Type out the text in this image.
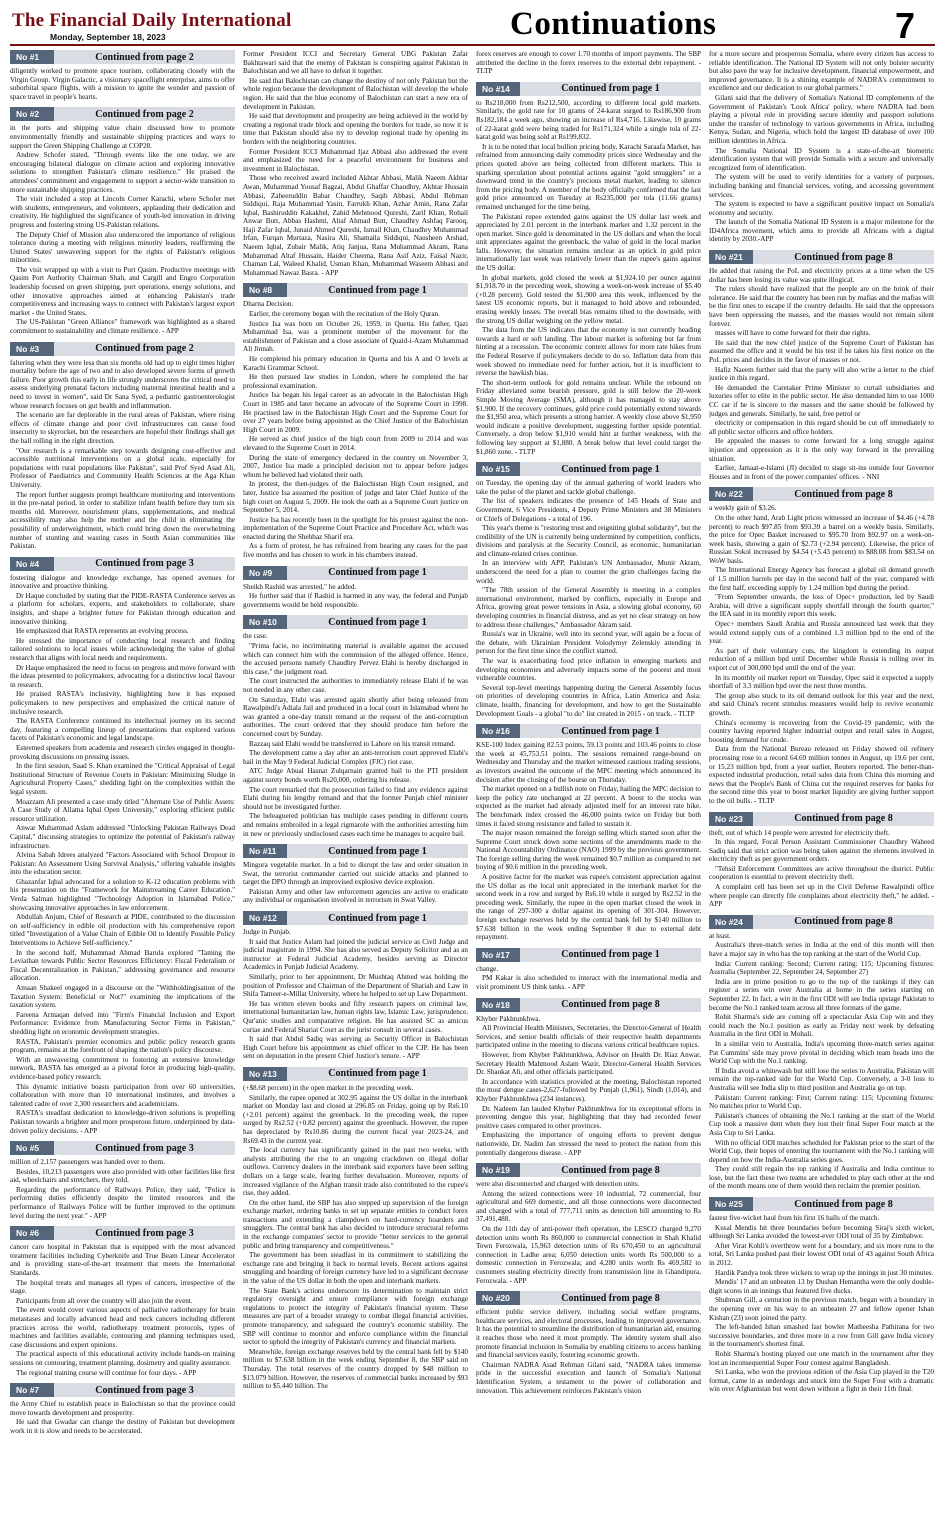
The Financial Daily International
Monday, September 18, 2023	Continuations	7
No #1	Continued from page 2

diligently worked to promote space tourism, collaborating closely with the Virgin Group. Virgin Galactic, a visionary spaceflight enterprise, aims to offer suborbital space flights, with a mission to ignite the wonder and passion of space travel in people's hearts.

No #2	Continued from page 2

in the ports and shipping value chain discussed how to promote environmentally friendly and sustainable shipping practices and ways to support the Green Shipping Challenge at COP28.

Andrew Schofer stated, "Through events like the one today, we are encouraging bilateral dialogue on climate action and exploring innovative solutions to strengthen Pakistan's climate resilience." He praised the attendees' commitment and engagement to support a sector-wide transition to more sustainable shipping practices.

The visit included a stop at Lincoln Corner Karachi, where Schofer met with students, entrepreneurs, and volunteers, applauding their dedication and creativity. He highlighted the significance of youth-led innovation in driving progress and fostering strong US-Pakistan relations.

The Deputy Chief of Mission also underscored the importance of religious tolerance during a meeting with religious minority leaders, reaffirming the United States' unwavering support for the rights of Pakistan's religious minorities.

The visit wrapped up with a visit to Port Qasim. Productive meetings with Qasim Port Authority Chairman Shah, and Cargill and Engro Corporation leadership focused on green shipping, port operations, energy solutions, and other innovative approaches aimed at enhancing Pakistan's trade competitiveness and increasing ways to connect with Pakistan's largest export market - the United States.

The US-Pakistan "Green Alliance" framework was highlighted as a shared commitment to sustainability and climate resilience. - APP

No #3	Continued from page 2

faltering when they were less than six months old had up to eight times higher mortality before the age of two and to also developed severe forms of growth failure. Poor growth this early in life strongly underscores the critical need to assess underlying prenatal factors including maternal intestinal health and a need to invest in women", said Dr Sana Syed, a pediatric gastroenterologist whose research focuses on gut health and inflammation.

The scenario are far deplorable in the rural areas of Pakistan, where rising effects of climate change and poor civil infrastructures can cause food insecurity to skyrocket, but the researchers are hopeful their findings shall get the ball rolling in the right direction.

"Our research is a remarkable step towards designing cost-effective and accessible nutritional interventions on a global scale, especially for populations with rural populations like Pakistan", said Prof Syed Asad Ali, Professor of Paediatrics and Community Health Sciences at the Aga Khan University.

The report further suggests prompt healthcare monitoring and interventions in the pre-natal period, in order to stabilize infant health before they turn six months old. Moreover, nourishment plans, supplementations, and medical accessibility may also help the mother and the child in eliminating the possibility of underweightment, which could bring down the overwhelming number of stunting and wasting cases in South Asian communities like Pakistan.

No #4	Continued from page 3

fostering dialogue and knowledge exchange, has opened avenues for innovative and proactive thinking.

Dr Haque concluded by stating that the PIDE-RASTA Conference serves as a platform for scholars, experts, and stakeholders to collaborate, share insights, and shape a brighter future for Pakistan through education and innovative thinking.

He emphasized that RASTA represents an evolving process.

He stressed the importance of conducting local research and finding tailored solutions to local issues while acknowledging the value of global research that aligns with local needs and requirements.

Dr Haque emphasized the need to focus on progress and move forward with the ideas presented to policymakers, advocating for a distinctive local flavour in research.

He praised RASTA's inclusivity, highlighting how it has exposed policymakers to new perspectives and emphasized the critical nature of inclusive research.

The RASTA Conference continued its intellectual journey on its second day, featuring a compelling lineup of presentations that explored various facets of Pakistan's economic and legal landscape.

Esteemed speakers from academia and research circles engaged in thought-provoking discussions on pressing issues.

In the first session, Saad S. Khan examined the "Critical Appraisal of Legal Institutional Structure of Revenue Courts in Pakistan: Minimizing Sludge in Agricultural Property Cases," shedding light on the complexities within the legal system.

Moazzam Ali presented a case study titled "Alternate Use of Public Assets: A Case Study of Allama Iqbal Open University," exploring efficient public resource utilization.

Anwar Muhammad Aslam addressed "Unlocking Pakistan Railways Dead Capital," discussing strategies to optimize the potential of Pakistan's railway infrastructure.

Alvina Sabah Idrees analyzed "Factors Associated with School Dropout in Pakistan: An Assessment Using Survival Analysis," offering valuable insights into the education sector.

Ghazanfar Iqbal advocated for a solution to K-12 education problems with his presentation on the "Framework for Mainstreaming Career Education." Verda Salman highlighted "Technology Adoption in Islamabad Police," showcasing innovative approaches in law enforcement.

Abdullah Anjum, Chief of Research at PIDE, contributed to the discussion on self-sufficiency in edible oil production with his comprehensive report titled "Investigation of a Value Chain of Edible Oil to Identify Possible Policy Interventions to Achieve Self-sufficiency."

In the second half, Muhammad Ahmad Barula explored "Taming the Leviathan towards Public Sector Resources Efficiency: Fiscal Federalism or Fiscal Decentralization in Pakistan," addressing governance and resource allocation.

Amaan Shakeel engaged in a discourse on the "Withholdingisation of the Taxation System: Beneficial or Not?" examining the implications of the taxation system.

Fareena Armaqan delved into "Firm's Financial Inclusion and Export Performance: Evidence from Manufacturing Sector Firms in Pakistan," shedding light on economic development strategies.

RASTA, Pakistan's premier economics and public policy research grants program, remains at the forefront of shaping the nation's policy discourse.

With an unwavering commitment to fostering an extensive knowledge network, RASTA has emerged as a pivotal force in producing high-quality, evidence-based policy research.

This dynamic initiative boasts participation from over 60 universities, collaboration with more than 10 international institutes, and involves a talented cadre of over 2,300 researchers and academicians.

RASTA's steadfast dedication to knowledge-driven solutions is propelling Pakistan towards a brighter and more prosperous future, underpinned by data-driven policy decisions. - APP

No #5	Continued from page 3

million of 2,157 passengers was handed over to them.

Besides, 10,213 passengers were also provided with other facilities like first aid, wheelchairs and stretchers, they told.

Regarding the performance of Railways Police, they said, "Police is performing duties efficiently despite the limited resources and the performance of Railways Police will be further improved to the optimum level during the next year." - APP

No #6	Continued from page 3

cancer care hospital in Pakistan that is equipped with the most advanced treatment facilities including Cyberknife and True Beam Linear Accelerator and is providing state-of-the-art treatment that meets the International Standards.

The hospital treats and manages all types of cancers, irrespective of the stage.

Participants from all over the country will also join the event.

The event would cover various aspects of palliative radiotherapy for brain metastases and locally advanced head and neck cancers including different practices across the world, radiotherapy treatment protocols, types of machines and facilities available, contouring and planning techniques used, case discussions and expert opinions.

The practical aspects of this educational activity include hands-on training sessions on contouring, treatment planning, dosimetry and quality assurance.

The regional training course will continue for four days. - APP

No #7	Continued from page 3

the Army Chief to establish peace in Balochistan so that the province could move towards development and prosperity.

He said that Gwadar can change the destiny of Pakistan but development work in it is slow and needs to be accelerated.

Former President ICCI and Secretary General UBG Pakistan Zafar Bakhtawari said that the enemy of Pakistan is conspiring against Pakistan in Balochistan and we all have to defeat it together.

He said that Balochistan can change the destiny of not only Pakistan but the whole region because the development of Balochistan will develop the whole region. He said that the blue economy of Balochistan can start a new era of development in Pakistan.

He said that development and prosperity are being achieved in the world by creating a regional trade block and opening the borders for trade, so now it is time that Pakistan should also try to develop regional trade by opening its borders with the neighboring countries.

Former President ICCI Muhammad Ijaz Abbasi also addressed the event and emphasized the need for a peaceful environment for business and investment in Balochistan.

Those who received award included Akhtar Abbasi, Malik Naeem Akhtar Awan, Muhammad Yousaf Bagzai, Abdul Ghaffar Chaudhry, Akhtar Hussain Abbasi, Zaheeruddin Babar Chaudhry, Saqib Abbasi, Abdul Rehman Siddiqui, Raja Muhammad Yasin, Farrukh Khan, Azhar Amin, Rana Zafar Iqbal, Bashiruddin Kakakhel, Zahid Mehmood Qureshi, Zarif Khan, Rohail Anwar Butt, Abbas Hashmi, Altaf Ahmad Butt, Chaudhry Ashfaq Farooq, Haji Zafar Iqbal, Junaid Ahmed Qureshi, Ismail Khan, Chaudhry Muhammad Irfan, Furqan Murtaza, Nasira Ali, Shamaila Siddiqui, Nausheen Arshad, Naeem Iqbal, Zubair Malik, Atiq Janjua, Rana Muhammad Akram, Rana Muhammad Altaf Hussain, Haider Cheema, Rana Asif Aziz, Faisal Nazir, Chaman Lal, Waleed Khalid, Usman Khan, Muhammad Waseem Abbasi and Muhammad Nawaz Basra. - APP

No #8	Continued from page 1

Dharna Decision.

Earlier, the ceremony began with the recitation of the Holy Quran.

Justice Isa was born on October 26, 1959, in Quetta. His father, Qazi Muhammad Isa, was a prominent member of the movement for the establishment of Pakistan and a close associate of Quaid-i-Azam Muhammad Ali Jinnah.

He completed his primary education in Quetta and his A and O levels at Karachi Grammar School.

He then pursued law studies in London, where he completed the bar professional examination.

Justice Isa began his legal career as an advocate in the Balochistan High Court in 1985 and later became an advocate of the Supreme Court in 1998. He practised law in the Balochistan High Court and the Supreme Court for over 27 years before being appointed as the Chief Justice of the Balochistan High Court in 2009.

He served as chief justice of the high court from 2009 to 2014 and was elevated to the Supreme Court in 2014.

During the state of emergency declared in the country on November 3, 2007, Justice Isa made a principled decision not to appear before judges whom he believed had violated their oath.

In protest, the then-judges of the Balochistan High Court resigned, and later, Justice Isa assumed the position of judge and later Chief Justice of the high court on August 5, 2009. He took the oath as a Supreme Court justice on September 5, 2014.

Justice Isa has recently been in the spotlight for his protest against the non-implementation of the Supreme Court Practice and Procedure Act, which was enacted during the Shehbaz Sharif era.

As a form of protest, he has refrained from hearing any cases for the past five months and has chosen to work in his chambers instead.

No #9	Continued from page 1

Sheikh Rashid was arrested," he added.

He further said that if Rashid is harmed in any way, the federal and Punjab governments would be held responsible.

No #10	Continued from page 1

the case.

"Prima facie, no incriminating material is available against the accused which can connect him with the commission of the alleged offence. Hence, the accused persons namely Chaudhry Pervez Elahi is hereby discharged in this case," the judgment read.

The court instructed the authorities to immediately release Elahi if he was not needed in any other case.

On Saturday, Elahi was arrested again shortly after being released from Rawalpindi's Adiala Jail and produced in a local court in Islamabad where he was granted a one-day transit remand at the request of the anti-corruption authorities. The court ordered that they should produce him before the concerned court by Sunday.

Razzaq said Elahi would be transferred to Lahore on his transit remand.

The development came a day after an anti-terrorism court approved Elahi's bail in the May 9 Federal Judicial Complex (FJC) riot case.

ATC Judge Abual Hasnat Zulqarnain granted bail to the PTI president against surety bonds worth Rs20,000, ordering his release.

The court remarked that the prosecution failed to find any evidence against Elahi during his lengthy remand and that the former Punjab chief minister should not be investigated further.

The beleaguered politician has multiple cases pending in different courts and remains embroiled in a legal rigmarole with the authorities arresting him in new or previously undisclosed cases each time he manages to acquire bail.

No #11	Continued from page 1

Mingora vegetable market. In a bid to disrupt the law and order situation in Swat, the terrorist commander carried out suicide attacks and planned to target the DPO through an improvised explosive device explosion.

Pakistan Army and other law enforcement agencies are active to eradicate any individual or organisation involved in terrorism in Swat Valley.

No #12	Continued from page 1

Judge in Punjab.

It said that Justice Aslam had joined the judicial service as Civil Judge and judicial magistrate in 1994. She has also served as Deputy Solicitor and as an instructor at Federal Judicial Academy, besides serving as Director Academics in Punjab Judicial Academy.

Similarly, prior to her appointment, Dr Mushtaq Ahmed was holding the position of Professor and Chairman of the Department of Shariah and Law in Shifa Tameer-e-Millat University, where he helped to set up Law Department.

He has written eleven books and fifty research papers on criminal law, international humanitarian law, human rights law, Islamic Law, jurisprudence, Qur'anic studies and comparative religion. He has assisted SC as amicus curiae and Federal Shariat Court as the jurist consult in several cases.

It said that Abdul Sadiq was serving as Security Officer in Balochistan High Court before his appointment as chief officer to the CJP. He has been sent on deputation in the present Chief Justice's tenure. - APP

No #13	Continued from page 1

(+$8.68 percent) in the open market in the preceding week.

Similarly, the rupee opened at 302.95 against the US dollar in the interbank market on Monday last and closed at 296.85 on Friday, going up by Rs6.10 (+2.01 percent) against the greenback. In the preceding week, the rupee surged by Rs2.52 (+0.82 percent) against the greenback. However, the rupee has depreciated by Rs10.86 during the current fiscal year 2023-24, and Rs69.43 in the current year.

The local currency has significantly gained in the past two weeks, with analysts attributing the rise to an ongoing crackdown on illegal dollar outflows. Currency dealers in the interbank said exporters have been selling dollars on a large scale, fearing further devaluation. Moreover, reports of increased vigilance of the Afghan transit trade also contributed to the rupee's rise, they added.

On the other hand, the SBP has also stepped up supervision of the foreign exchange market, ordering banks to set up separate entities to conduct forex transactions and extending a clampdown on hard-currency hoarders and smugglers. The central bank has also decided to introduce structural reforms in the exchange companies' sector to provide "better services to the general public and bring transparency and competitiveness."

The government has been steadfast in its commitment to stabilizing the exchange rate and bringing it back to normal levels. Recent actions against smuggling and hoarding of foreign currency have led to a significant decrease in the value of the US dollar in both the open and interbank markets.

The State Bank's actions underscore its determination to maintain strict regulatory oversight and ensure compliance with foreign exchange regulations to protect the integrity of Pakistan's financial system. These measures are part of a broader strategy to combat illegal financial activities, promote transparency, and safeguard the country's economic stability. The SBP will continue to monitor and enforce compliance within the financial sector to uphold the integrity of Pakistan's currency and financial markets.

Meanwhile, foreign exchange reserves held by the central bank fell by $140 million to $7.638 billion in the week ending September 8, the SBP said on Thursday. The total reserves of the country dropped by $48 million to $13.079 billion. However, the reserves of commercial banks increased by $93 million to $5.440 billion. The

forex reserves are enough to cover 1.70 months of import payments. The SBP attributed the decline in the forex reserves to the external debt repayment. - TLTP

No #14	Continued from page 1

to Rs218,000 from Rs212,500, according to different local gold markets. Similarly, the gold rate for 10 grams of 24-karat surged to Rs186,900 from Rs182,184 a week ago, showing an increase of Rs4,716. Likewise, 10 grams of 22-karat gold were being traded for Rs171,324 while a single tola of 22-karat gold was being sold at Rs199,832.

It is to be noted that local bullion pricing body, Karachi Saraafa Market, has refrained from announcing daily commodity prices since Wednesday and the prices quoted above are being collected from different markets. This is sparking speculation about potential actions against "gold smugglers" or a downward trend in the country's precious metal market, leading to silence from the pricing body. A member of the body officially confirmed that the last gold price announced on Tuesday at Rs235,000 per tola (11.66 grams) remained unchanged for the time being.

The Pakistani rupee extended gains against the US dollar last week and appreciated by 2.01 percent in the interbank market and 1.32 percent in the open market. Since gold is denominated in the US dollars and when the local unit appreciates against the greenback, the value of gold in the local market falls. However, the situation remains unclear as an uptick in gold price internationally last week was relatively lower than the rupee's gains against the US dollar.

In global markets, gold closed the week at $1,924.10 per ounce against $1,918.70 in the preceding week, showing a week-on-week increase of $5.40 (+0.28 percent). Gold tested the $1,900 area this week, influenced by the latest US economic reports, but it managed to hold above and rebounded, erasing weekly losses. The overall bias remains tilted to the downside, with the strong US dollar weighing on the yellow metal.

The data from the US indicates that the economy is not currently heading towards a hard or soft landing. The labour market is softening but far from hinting at a recession. The economic context allows for more rate hikes from the Federal Reserve if policymakers decide to do so. Inflation data from this week showed no immediate need for further action, but it is insufficient to reverse the hawkish bias.

The short-term outlook for gold remains unclear. While the rebound on Friday alleviated some bearish pressure, gold is still below the 20-week Simple Moving Average (SMA), although it has managed to stay above $1,900. If the recovery continues, gold price could potentially extend towards the $1,950 area, which presents a strong barrier. A weekly close above $1,950 would indicate a positive development, suggesting further upside potential. Conversely, a drop below $1,910 would hint at further weakness, with the following key support at $1,880. A break below that level could target the $1,860 zone. - TLTP

No #15	Continued from page 1

on Tuesday, the opening day of the annual gathering of world leaders who take the pulse of the planet and tackle global challenge.

The list of speakers indicates the presence of 145 Heads of State and Government, 6 Vice Presidents, 4 Deputy Prime Ministers and 38 Ministers or Chiefs of Delegations - a total of 196.

This year's theme is "restoring trust and reigniting global solidarity", but the credibility of the UN is currently being undermined by competition, conflicts, divisions and paralysis at the Security Council, as economic, humanitarian and climate-related crises continue.

In an interview with APP, Pakistan's UN Ambassador, Munir Akram, underscored the need for a plan to counter the grim challenges facing the world.

"The 78th session of the General Assembly is meeting in a complex international environment, marked by conflicts, especially in Europe and Africa, growing great power tensions in Asia, a slowing global economy, 60 developing countries in financial distress, and as yet no clear strategy on how to address these challenges," Ambassador Akram said.

Russia's war in Ukraine, well into its second year, will again be a focus of the debate, with Ukrainian President Volodymyr Zelenskiy attending in person for the first time since the conflict started.

The war is exacerbating food price inflation in emerging markets and developing economies and adversely impacts some of the poorest and most vulnerable countries.

Several top-level meetings happening during the General Assembly focus on priorities of developing countries in Africa, Latin America and Asia: climate, health, financing for development, and how to get the Sustainable Development Goals - a global "to do" list created in 2015 - on track. - TLTP

No #16	Continued from page 1

KSE-100 Index gaining 82.53 points, 59.13 points and 103.46 points to close the week at 45,753.51 points. The sessions remained range-bound on Wednesday and Thursday and the market witnessed cautious trading sessions, as investors awaited the outcome of the MPC meeting which announced its decision after the closing of the bourse on Thursday.

The market opened on a bullish note on Friday, hailing the MPC decision to keep the policy rate unchanged at 22 percent. A boost to the stocks was expected as the market had already adjusted itself for an interest rate hike. The benchmark index crossed the 46,000 points twice on Friday but both times it faced strong resistance and failed to sustain it.

The major reason remained the foreign selling which started soon after the Supreme Court struck down some sections of the amendments made to the National Accountability Ordinance (NAO) 1999 by the previous government. The foreign selling during the week remained $0.7 million as compared to net buying of $0.6 million in the preceding week.

A positive factor for the market was rupee's consistent appreciation against the US dollar as the local unit appreciated in the interbank market for the second week in a row and surged by Rs6.10 while it surged by Rs2.52 in the preceding week. Similarly, the rupee in the open market closed the week in the range of 297-300 a dollar against its opening of 301-304. However, foreign exchange reserves held by the central bank fell by $140 million to $7.638 billion in the week ending September 8 due to external debt repayment.

No #17	Continued from page 1

change.

PM Kakar is also scheduled to interact with the international media and visit prominent US think tanks. - APP

No #18	Continued from page 8

Khyber Pakhtunkhwa.

All Provincial Health Ministers, Secretaries, the Director-General of Health Services, and senior health officials of their respective health departments participated online in the meeting to discuss various critical healthcare topics.

However, from Khyber Pakhtunkhwa, Advisor on Health Dr. Riaz Anwar, Secretary Health Mahmood Aslam Wazir, Director-General Health Services Dr. Shaukat Ali, and other officials participated.

In accordance with statistics provided at the meeting, Balochistan reported the most dengue cases-2,627-followed by Punjab (1,961), Sindh (1,014), and Khyber Pakhtunkhwa (234 instances).

Dr. Nadeem Jan lauded Khyber Pakhtunkhwa for its exceptional efforts in preventing dengue this year, highlighting that they had recorded fewer positive cases compared to other provinces.

Emphasizing the importance of ongoing efforts to prevent dengue nationwide, Dr. Nadim Jan stressed the need to protect the nation from this potentially dangerous disease. - APP

No #19	Continued from page 8

were also disconnected and charged with detection units.

Among the seized connections were 10 industrial, 72 commercial, four agricultural and 669 domestic, and all those connections were disconnected and charged with a total of 777,711 units as detection bill amounting to Rs 37,491,488.

On the 11th day of anti-power theft operation, the LESCO charged 9,270 detection units worth Rs 860,000 to commercial connection in Shah Khalid Town Ferozwala, 15,963 detection units of Rs 670,450 to an agricultural connection in Ladhe area; 6,050 detection units worth Rs 500,000 to a domestic connection in Ferozwala; and 4,280 units worth Rs 469,582 to customers stealing electricity directly from transmission line in Ghandipura, Ferozwala. - APP

No #20	Continued from page 8

efficient public service delivery, including social welfare programs, healthcare services, and electoral processes, leading to improved governance. It has the potential to streamline the distribution of humanitarian aid, ensuring it reaches those who need it most promptly. The identity system shall also promote financial inclusion in Somalia by enabling citizens to access banking and financial services easily, fostering economic growth.

Chairman NADRA Asad Rehman Gilani said, "NADRA takes immense pride in the successful execution and launch of Somalia's National Identification System, a testament to the power of collaboration and innovation. This achievement reinforces Pakistan's vision

for a more secure and prosperous Somalia, where every citizen has access to reliable identification. The National ID System will not only bolster security but also pave the way for inclusive development, financial empowerment, and improved governance. It is a shining example of NADRA's commitment to excellence and our dedication to our global partners."

Gilani said that the delivery of Somalia's National ID complements of the Government of Pakistan's 'Look Africa' policy, where NADRA had been playing a pivotal role in providing secure identity and passport solutions under the transfer of technology to various governments in Africa, including Kenya, Sudan, and Nigeria, which hold the largest ID database of over 100 million identities in Africa.

The Somalia National ID System is a state-of-the-art biometric identification system that will provide Somalis with a secure and universally recognized form of identification.

The system will be used to verify identities for a variety of purposes, including banking and financial services, voting, and accessing government services.

The system is expected to have a significant positive impact on Somalia's economy and security.

The launch of the Somalia National ID System is a major milestone for the ID4Africa movement, which aims to provide all Africans with a digital identity by 2030.-APP

No #21	Continued from page 8

He added that raising the PoL and electricity prices at a time when the US dollar has been losing its value was quite illogical.

The rulers should have realized that the people are on the brink of their tolerance. He said that the country has been run by mafias and the mafias will be the first ones to escape if the country defaults. He said that the oppressors have been oppressing the masses, and the masses would not remain silent forever.

masses will have to come forward for their due rights.

He said that the new chief justice of the Supreme Court of Pakistan has assumed the office and it would be his test if he takes his first notice on the PoL prices and decides in the favor of masses or not.

Hafiz Naeem further said that the party will also write a letter to the chief justice in this regard.

He demanded the Caretaker Prime Minister to curtail subsidiaries and luxuries offer to elite in the public sector. He also demanded him to use 1000 CC car if he is sincere to the masses and the same should be followed by judges and generals. Similarly, he said, free petrol or

electricity or compensation in this regard should be cut off immediately to all public sector officers and office holders.

He appealed the masses to come forward for a long struggle against injustice and oppression as it is the only way forward in the prevailing situation.

Earlier, Jamaat-e-Islami (JI) decided to stage sit-ins outside four Governor Houses and in front of the power companies' offices. - NNI

No #22	Continued from page 8

a weekly gain of $3.26.

On the other hand, Arab Light prices witnessed an increase of $4.46 (+4.78 percent) to reach $97.85 from $93.39 a barrel on a weekly basis. Similarly, the price for Opec Basket increased to $95.70 from $92.97 on a week-on-week basis, showing a gain of $2.73 (+2.94 percent). Likewise, the price of Russian Sokol increased by $4.54 (+5.43 percent) to $88.08 from $83.54 on WoW basis.

The International Energy Agency has forecast a global oil demand growth of 1.5 million barrels per day in the second half of the year, compared with the first half, exceeding supply by 1.24 million bpd during the period.

"From September onwards, the loss of Opec+ production, led by Saudi Arabia, will drive a significant supply shortfall through the fourth quarter," the IEA said in its monthly report this week.

Opec+ members Saudi Arabia and Russia announced last week that they would extend supply cuts of a combined 1.3 million bpd to the end of the year.

As part of their voluntary cuts, the kingdom is extending its output reduction of a million bpd until December while Russia is rolling over its export cut of 300,000 bpd until the end of the year.

In its monthly oil market report on Tuesday, Opec said it expected a supply shortfall of 3.3 million bpd over the next three months.

The group also stuck to its oil demand outlook for this year and the next, and said China's recent stimulus measures would help to revive economic growth.

China's economy is recovering from the Covid-19 pandemic, with the country having reported higher industrial output and retail sales in August, boosting demand for crude.

Data from the National Bureau released on Friday showed oil refinery processing rose to a record 64.69 million tonnes in August, up 19.6 per cent, or 15.23 million bpd, from a year earlier, Reuters reported. The better-than-expected industrial production, retail sales data from China this morning and news that the People's Bank of China cut the required reserves for banks for the second time this year to boost market liquidity are giving further support to the oil bulls. - TLTP

No #23	Continued from page 8

theft, out of which 14 people were arrested for electricity theft.

In this regard, Focal Person Assistant Commissioner Chaudhry Waheed Sadiq said that strict action was being taken against the elements involved in electricity theft as per government orders.

"Tehsil Enforcement Committees are active throughout the district. Public cooperation is essential to prevent electricity theft.

A complaint cell has been set up in the Civil Defense Rawalpindi office where people can directly file complaints about electricity theft," he added. - APP

No #24	Continued from page 8

at least.

Australia's three-match series in India at the end of this month will then have a major say in who has the top ranking at the start of the World Cup.

India: Current ranking: Second; Current rating: 115; Upcoming fixtures: Australia (September 22, September 24, September 27)

India are in prime position to go to the top of the rankings if they can register a series win over Australia at home in the series starting on September 22. In fact, a win in the first ODI will see India upstage Pakistan to become the No.1 ranked team across all three formats of the game.

Rohit Sharma's side are coming off a spectacular Asia Cup win and they could reach the No.1 position as early as Friday next week by defeating Australia in the first ODI in Mohali.

In a similar vein to Australia, India's upcoming three-match series against Pat Cummins' side may prove pivotal in deciding which team heads into the World Cup with the No.1 ranking.

If India avoid a whitewash but still lose the series to Australia, Pakistan will remain the top-ranked side for the World Cup. Conversely, a 3-0 loss to Australia will see India slip to third position and Australia go on top.

Pakistan: Current ranking: First; Current rating: 115; Upcoming fixtures: No matches prior to World Cup.

Pakistan's chances of obtaining the No.1 ranking at the start of the World Cup took a massive dent when they lost their final Super Four match at the Asia Cup to Sri Lanka.

With no official ODI matches scheduled for Pakistan prior to the start of the World Cup, their hopes of entering the tournament with the No.1 ranking will depend on how the India-Australia series goes.

They could still regain the top ranking if Australia and India continue to lose, but the fact these two teams are scheduled to play each other at the end of the month means one of them would then reclaim the premier position.

No #25	Continued from page 8

fastest five-wicket haul from his first 16 balls of the match.

Kusal Mendis hit three boundaries before becoming Siraj's sixth wicket, although Sri Lanka avoided the lowest-ever ODI total of 35 by Zimbabwe.

After Virat Kohli's overthrow went for a boundary, and six more runs to the total, Sri Lanka pushed past their lowest ODI total of 43 against South Africa in 2012.

Hardik Pandya took three wickets to wrap up the innings in just 30 minutes.

Mendis' 17 and an unbeaten 13 by Dushan Hemantha were the only double-digit scores in an innings that featured five ducks.

Shubman Gill, a centurion in the previous match, began with a boundary in the opening over on his way to an unbeaten 27 and fellow opener Ishan Kishan (23) soon joined the party.

The left-handed Ishan smashed fast bowler Matheesha Pathirana for two successive boundaries, and three more in a row from Gill gave India victory in the tournament's shortest final.

Rohit Sharma's hosting played out one match in the tournament after they lost an inconsequential Super Four contest against Bangladesh.

Sri Lanka, who won the previous edition of the Asia Cup played in the T20 format, came in as underdogs and snuck into the Super Four with a dramatic win over Afghanistan but went down without a fight in their 11th final.
